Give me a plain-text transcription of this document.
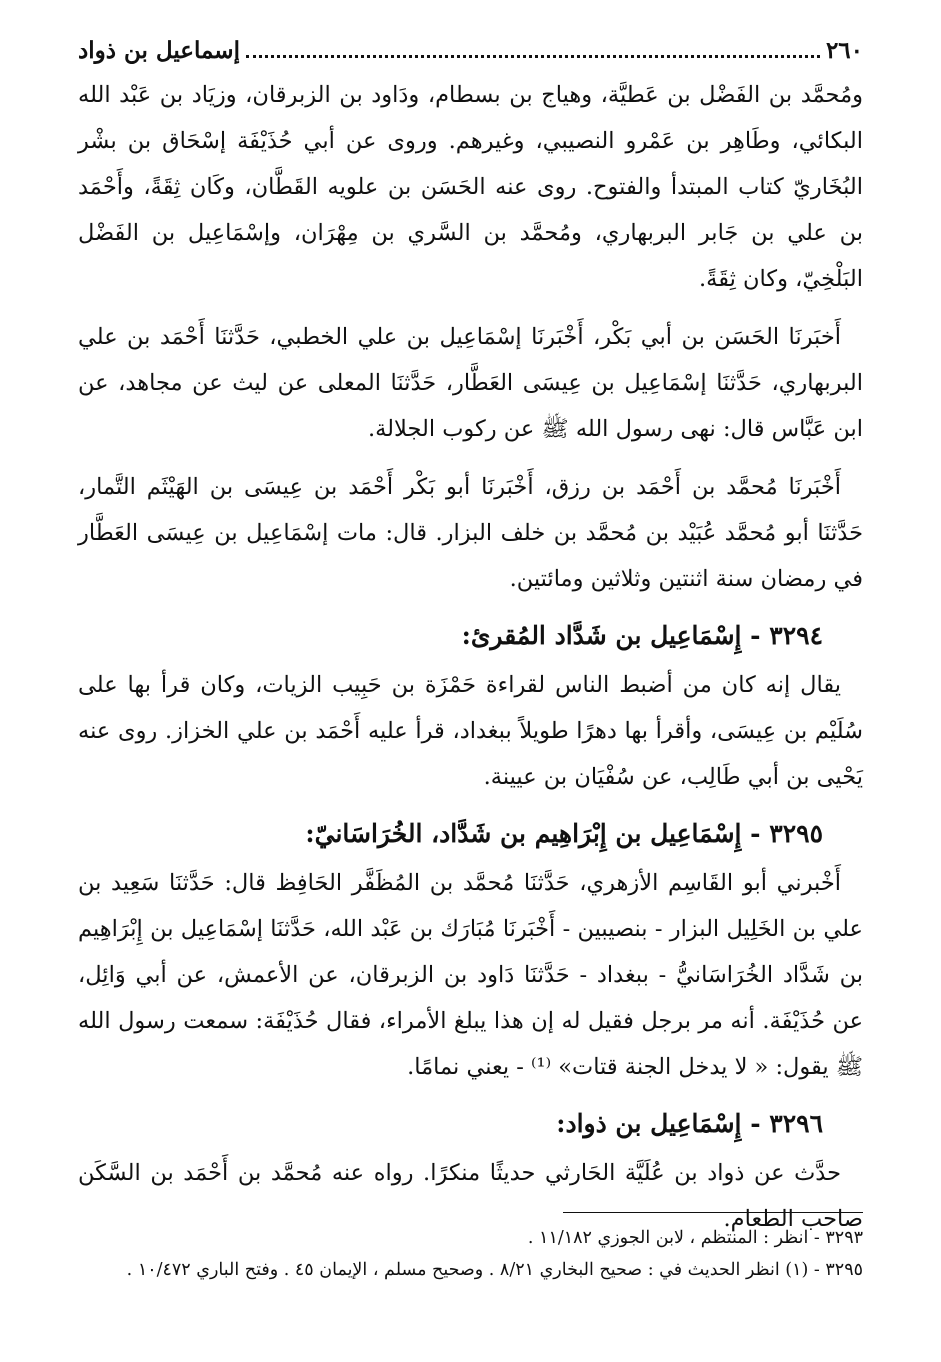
٢٦٠
إسماعيل بن ذواد

ومُحمَّد بن الفَضْل بن عَطيَّة، وهياج بن بسطام، ودَاود بن الزبرقان، وزيَاد بن عَبْد الله البكائي، وطَاهِر بن عَمْرو النصيبي، وغيرهم. وروى عن أبي حُذَيْفَة إسْحَاق بن بشْر البُخَاريّ كتاب المبتدأ والفتوح. روى عنه الحَسَن بن علويه القَطَّان، وكَان ثِقَةً، وأَحْمَد بن علي بن جَابر البربهاري، ومُحمَّد بن السَّري بن مِهْرَان، وإسْمَاعِيل بن الفَضْل البَلْخِيّ، وكان ثِقَةً.

أَخبَرنَا الحَسَن بن أبي بَكْر، أَخْبَرنَا إسْمَاعِيل بن علي الخطبي، حَدَّثنَا أَحْمَد بن علي البربهاري، حَدَّثنَا إسْمَاعِيل بن عِيسَى العَطَّار، حَدَّثنَا المعلى عن ليث عن مجاهد، عن ابن عَبَّاس قال: نهى رسول الله ﷺ عن ركوب الجلالة.

أَخْبَرنَا مُحمَّد بن أَحْمَد بن رزق، أَخْبَرنَا أبو بَكْر أَحْمَد بن عِيسَى بن الهَيْثَم التَّمار، حَدَّثنَا أبو مُحمَّد عُبَيْد بن مُحمَّد بن خلف البزار. قال: مات إسْمَاعِيل بن عِيسَى العَطَّار في رمضان سنة اثنتين وثلاثين ومائتين.

٣٢٩٤ - إِسْمَاعِيل بن شَدَّاد المُقرئ:

يقال إنه كان من أضبط الناس لقراءة حَمْزَة بن حَبِيب الزيات، وكان قرأ بها على سُلَيْم بن عِيسَى، وأقرأ بها دهرًا طويلاً ببغداد، قرأ عليه أَحْمَد بن علي الخزاز. روى عنه يَحْيى بن أبي طَالِب، عن سُفْيَان بن عيينة.

٣٢٩٥ - إِسْمَاعِيل بن إِبْرَاهِيم بن شَدَّاد، الخُرَاسَانيّ:

أَخْبرني أبو القَاسِم الأزهري، حَدَّثنَا مُحمَّد بن المُظَفَّر الحَافِظ قال: حَدَّثنَا سَعِيد بن علي بن الخَلِيل البزار - بنصيبين - أَخْبَرنَا مُبَارَك بن عَبْد الله، حَدَّثنَا إسْمَاعِيل بن إِبْرَاهِيم بن شَدَّاد الخُرَاسَانيُّ - ببغداد - حَدَّثنَا دَاود بن الزبرقان، عن الأعمش، عن أبي وَائِل، عن حُذَيْفَة. أنه مر برجل فقيل له إن هذا يبلغ الأمراء، فقال حُذَيْفَة: سمعت رسول الله ﷺ يقول: « لا يدخل الجنة قتات» ⁽¹⁾ - يعني نمامًا.

٣٢٩٦ - إِسْمَاعِيل بن ذواد:

حدَّث عن ذواد بن عُلَيَّة الحَارثي حديثًا منكرًا. رواه عنه مُحمَّد بن أَحْمَد بن السَّكَن صاحب الطعام.

٣٢٩٣ - انظر : المنتظم ، لابن الجوزي ١١/١٨٢ .

٣٢٩٥ - (١) انظر الحديث في : صحيح البخاري ٨/٢١ . وصحيح مسلم ، الإيمان ٤٥ . وفتح الباري ١٠/٤٧٢ .
